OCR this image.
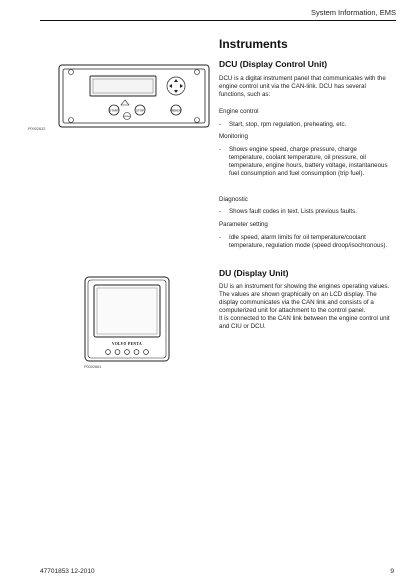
System Information, EMS
START	STOP
ENTER
PREHEAT
P0002632
VOLVO PENTA
P0002661
Instruments
DCU (Display Control Unit)
DCU is a digital instrument panel that communicates with the engine control unit via the CAN-link. DCU has several functions, such as:
Engine control
- Start, stop, rpm regulation, preheating, etc.
Monitoring
- Shows engine speed, charge pressure, charge temperature, coolant temperature, oil pressure, oil temperature, engine hours, battery voltage, instantaneous fuel consumption and fuel consumption (trip fuel).
Diagnostic
- Shows fault codes in text. Lists previous faults.
Parameter setting
- Idle speed, alarm limits for oil temperature/coolant temperature, regulation mode (speed droop/isochronous).
DU (Display Unit)
DU is an instrument for showing the engines operating values. The values are shown graphically on an LCD display. The display communicates via the CAN link and consists of a computerized unit for attachment to the control panel.
It is connected to the CAN link between the engine control unit and CIU or DCU.
47701853 12-2010	9
